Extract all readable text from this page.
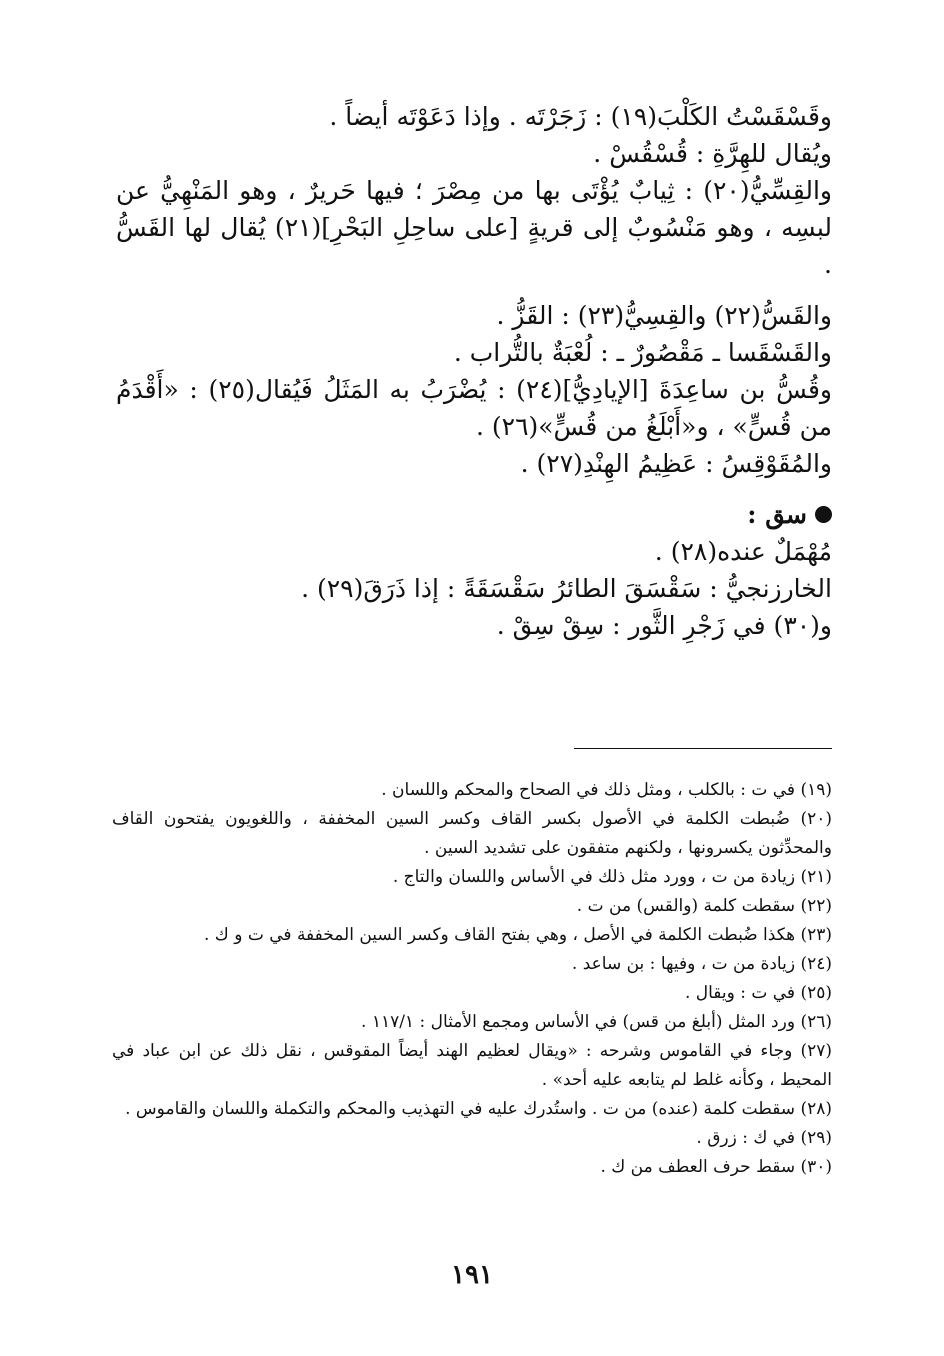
وقَسْقَسْتُ الكَلْبَ(١٩) : زَجَرْتَه . وإذا دَعَوْتَه أيضاً .

ويُقال للهِرَّةِ : قُسْقُسْ .

والقِسِّيُّ(٢٠) : ثِيابٌ يُؤْتَى بها من مِصْرَ ؛ فيها حَريرٌ ، وهو المَنْهِيُّ عن لبسِه ، وهو مَنْسُوبٌ إلى قريةٍ [على ساحِلِ البَحْرِ](٢١) يُقال لها القَسُّ .

والقَسُّ(٢٢) والقِسِيُّ(٢٣) : القَزُّ .

والقَسْقَسا ـ مَقْصُورٌ ـ : لُعْبَةٌ بالتُّراب .

وقُسُّ بن ساعِدَةَ [الإيادِيُّ](٢٤) : يُضْرَبُ به المَثَلُ فَيُقال(٢٥) : «أَقْدَمُ من قُسٍّ» ، و«أَبْلَغُ من قُسٍّ»(٢٦) .

والمُقَوْقِسُ : عَظِيمُ الهِنْدِ(٢٧) .

سق :

مُهْمَلٌ عنده(٢٨) .

الخارزنجيُّ : سَقْسَقَ الطائرُ سَقْسَقَةً : إذا ذَرَقَ(٢٩) .

و(٣٠) في زَجْرِ الثَّور : سِقْ سِقْ .

(١٩) في ت : بالكلب ، ومثل ذلك في الصحاح والمحكم واللسان .

(٢٠) ضُبطت الكلمة في الأصول بكسر القاف وكسر السين المخففة ، واللغويون يفتحون القاف والمحدِّثون يكسرونها ، ولكنهم متفقون على تشديد السين .

(٢١) زيادة من ت ، وورد مثل ذلك في الأساس واللسان والتاج .

(٢٢) سقطت كلمة (والقس) من ت .

(٢٣) هكذا ضُبطت الكلمة في الأصل ، وهي بفتح القاف وكسر السين المخففة في ت و ك .

(٢٤) زيادة من ت ، وفيها : بن ساعد .

(٢٥) في ت : ويقال .

(٢٦) ورد المثل (أبلغ من قس) في الأساس ومجمع الأمثال : ١١٧/١ .

(٢٧) وجاء في القاموس وشرحه : «ويقال لعظيم الهند أيضاً المقوقس ، نقل ذلك عن ابن عباد في المحيط ، وكأنه غلط لم يتابعه عليه أحد» .

(٢٨) سقطت كلمة (عنده) من ت . واستُدرك عليه في التهذيب والمحكم والتكملة واللسان والقاموس .

(٢٩) في ك : زرق .

(٣٠) سقط حرف العطف من ك .

١٩١
